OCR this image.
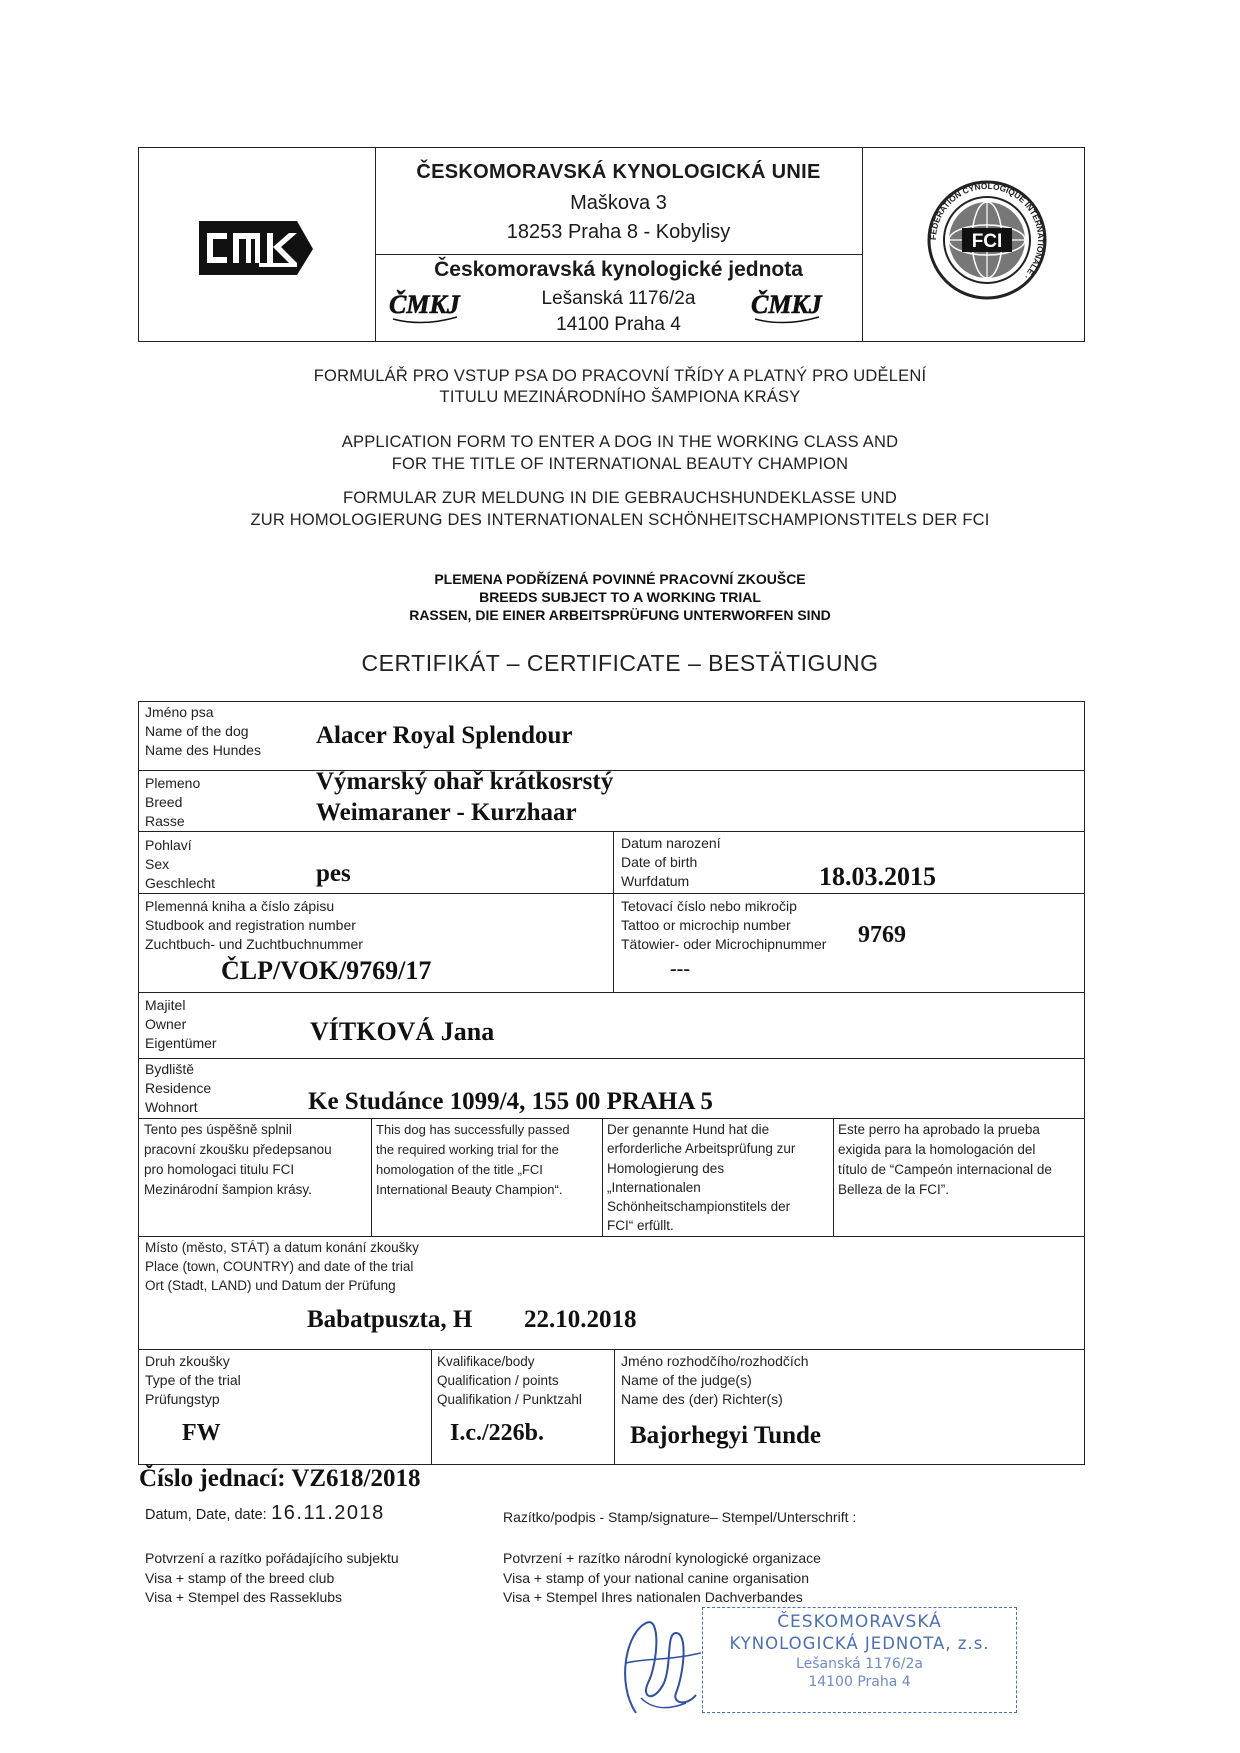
ČESKOMORAVSKÁ KYNOLOGICKÁ UNIE
Maškova 3
18253 Praha 8 - Kobylisy
Českomoravská kynologické jednota
Lešanská 1176/2a
14100 Praha 4
ČMKJ	ČMKJ
FEDERATION CYNOLOGIQUE INTERNATIONALE ·
FCI
FORMULÁŘ PRO VSTUP PSA DO PRACOVNÍ TŘÍDY A PLATNÝ PRO UDĚLENÍ
TITULU MEZINÁRODNÍHO ŠAMPIONA KRÁSY
APPLICATION FORM TO ENTER A DOG IN THE WORKING CLASS AND
FOR THE TITLE OF INTERNATIONAL BEAUTY CHAMPION
FORMULAR ZUR MELDUNG IN DIE GEBRAUCHSHUNDEKLASSE UND
ZUR HOMOLOGIERUNG DES INTERNATIONALEN SCHÖNHEITSCHAMPIONSTITELS DER FCI
PLEMENA PODŘÍZENÁ POVINNÉ PRACOVNÍ ZKOUŠCE
BREEDS SUBJECT TO A WORKING TRIAL
RASSEN, DIE EINER ARBEITSPRÜFUNG UNTERWORFEN SIND
CERTIFIKÁT – CERTIFICATE – BESTÄTIGUNG
Jméno psa
Name of the dog
Name des Hundes
Alacer Royal Splendour
Plemeno
Breed
Rasse
Výmarský ohař krátkosrstý
Weimaraner - Kurzhaar
Pohlaví
Sex
Geschlecht	pes
Datum narození
Date of birth
Wurfdatum	18.03.2015
Plemenná kniha a číslo zápisu
Studbook and registration number
Zuchtbuch- und Zuchtbuchnummer
ČLP/VOK/9769/17
Tetovací číslo nebo mikročip
Tattoo or microchip number
Tätowier- oder Microchipnummer 9769
---
Majitel
Owner
Eigentümer	VÍTKOVÁ Jana
Bydliště
Residence
Wohnort	Ke Studánce 1099/4, 155 00 PRAHA 5
Tento pes úspěšně splnil
pracovní zkoušku předepsanou
pro homologaci titulu FCI
Mezinárodní šampion krásy.
This dog has successfully passed
the required working trial for the
homologation of the title „FCI
International Beauty Champion“.
Der genannte Hund hat die
erforderliche Arbeitsprüfung zur
Homologierung des
„Internationalen
Schönheitschampionstitels der
FCI“ erfüllt.
Este perro ha aprobado la prueba
exigida para la homologación del
título de “Campeón internacional de
Belleza de la FCI”.
Místo (město, STÁT) a datum konání zkoušky
Place (town, COUNTRY) and date of the trial
Ort (Stadt, LAND) und Datum der Prüfung
Babatpuszta, H 22.10.2018
Druh zkoušky
Type of the trial
Prüfungstyp
FW
Kvalifikace/body
Qualification / points
Qualifikation / Punktzahl
I.c./226b.
Jméno rozhodčího/rozhodčích
Name of the judge(s)
Name des (der) Richter(s)
Bajorhegyi Tunde
Číslo jednací: VZ618/2018
Datum, Date, date: 16.11.2018	Razítko/podpis - Stamp/signature– Stempel/Unterschrift :
Potvrzení a razítko pořádajícího subjektu
Visa + stamp of the breed club
Visa + Stempel des Rasseklubs
Potvrzení + razítko národní kynologické organizace
Visa + stamp of your national canine organisation
Visa + Stempel Ihres nationalen Dachverbandes
ČESKOMORAVSKÁ
KYNOLOGICKÁ JEDNOTA, z.s.
Lešanská 1176/2a
14100 Praha 4
